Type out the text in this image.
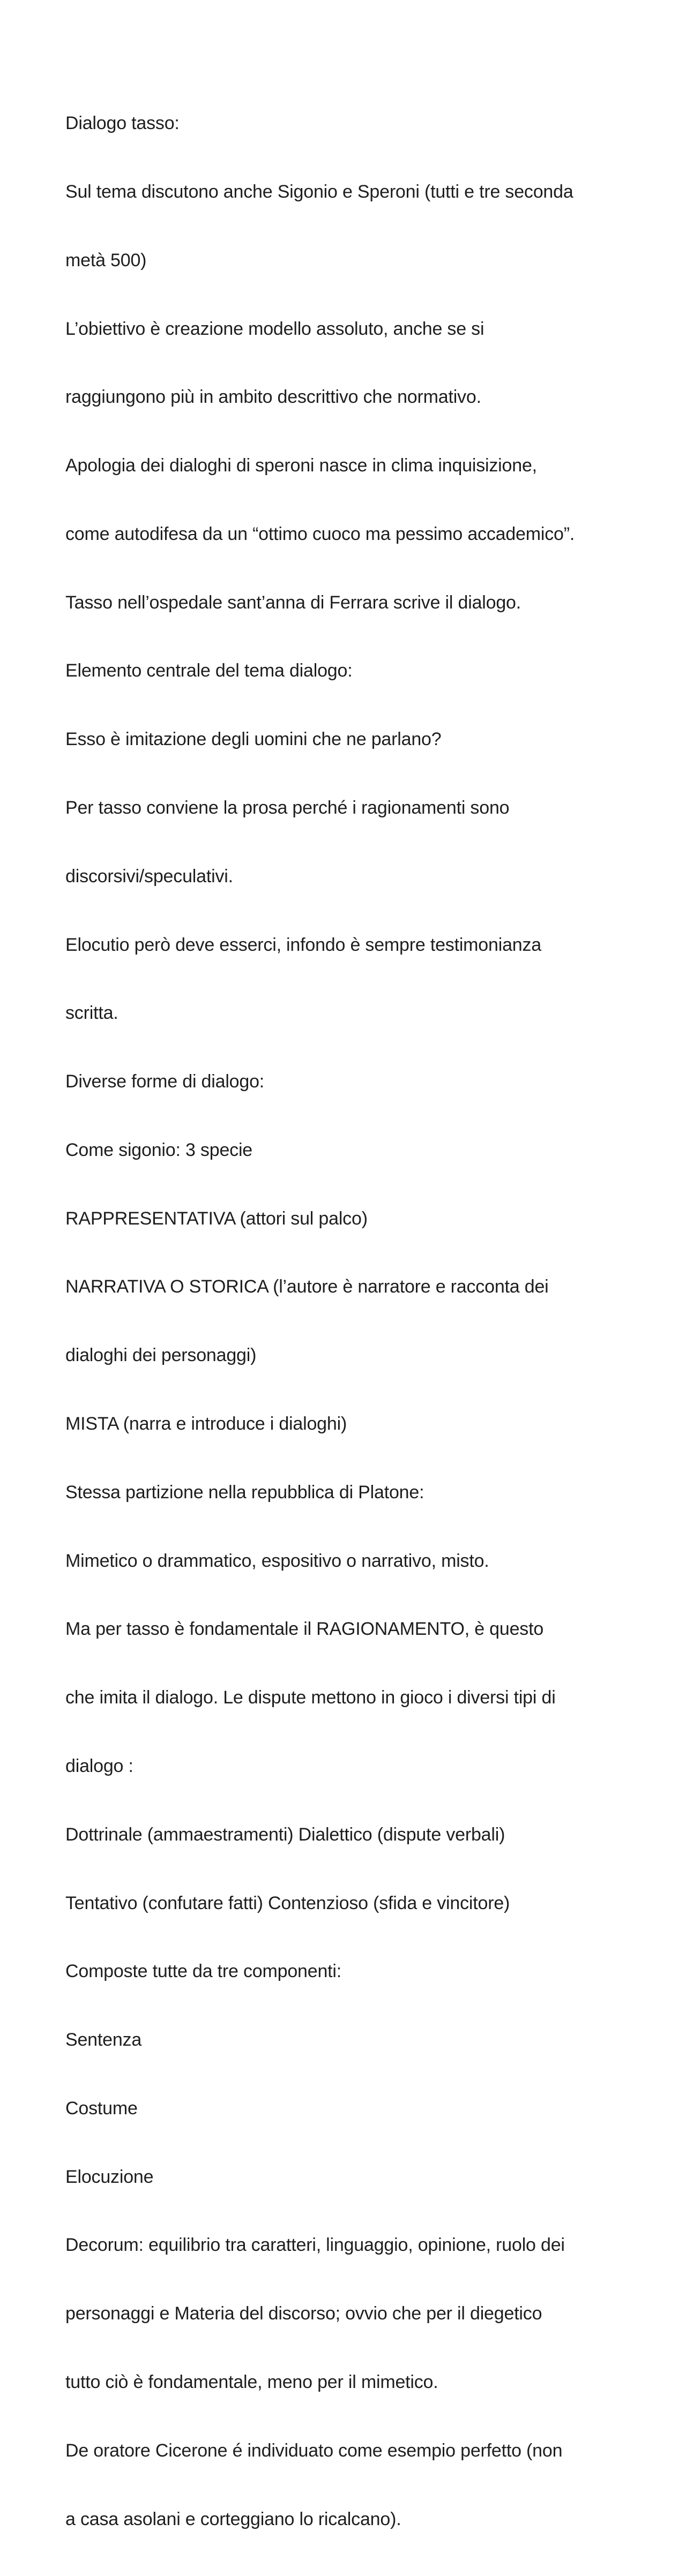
Dialogo tasso:

Sul tema discutono anche Sigonio e Speroni (tutti e tre seconda

metà 500)

L’obiettivo è creazione modello assoluto, anche se si

raggiungono più in ambito descrittivo che normativo.

Apologia dei dialoghi di speroni nasce in clima inquisizione,

come autodifesa da un “ottimo cuoco ma pessimo accademico”.

Tasso nell’ospedale sant’anna di Ferrara scrive il dialogo.

Elemento centrale del tema dialogo:

Esso è imitazione degli uomini che ne parlano?

Per tasso conviene la prosa perché i ragionamenti sono

discorsivi/speculativi.

Elocutio però deve esserci, infondo è sempre testimonianza

scritta.

Diverse forme di dialogo:

Come sigonio: 3 specie

RAPPRESENTATIVA (attori sul palco)

NARRATIVA O STORICA (l’autore è narratore e racconta dei

dialoghi dei personaggi)

MISTA (narra e introduce i dialoghi)

Stessa partizione nella repubblica di Platone:

Mimetico o drammatico, espositivo o narrativo, misto.

Ma per tasso è fondamentale il RAGIONAMENTO, è questo

che imita il dialogo. Le dispute mettono in gioco i diversi tipi di

dialogo :

Dottrinale (ammaestramenti) Dialettico (dispute verbali)

Tentativo (confutare fatti) Contenzioso (sfida e vincitore)

Composte tutte da tre componenti:

Sentenza

Costume

Elocuzione

Decorum: equilibrio tra caratteri, linguaggio, opinione, ruolo dei

personaggi e Materia del discorso; ovvio che per il diegetico

tutto ciò è fondamentale, meno per il mimetico.

De oratore Cicerone é individuato come esempio perfetto (non

a casa asolani e corteggiano lo ricalcano).
